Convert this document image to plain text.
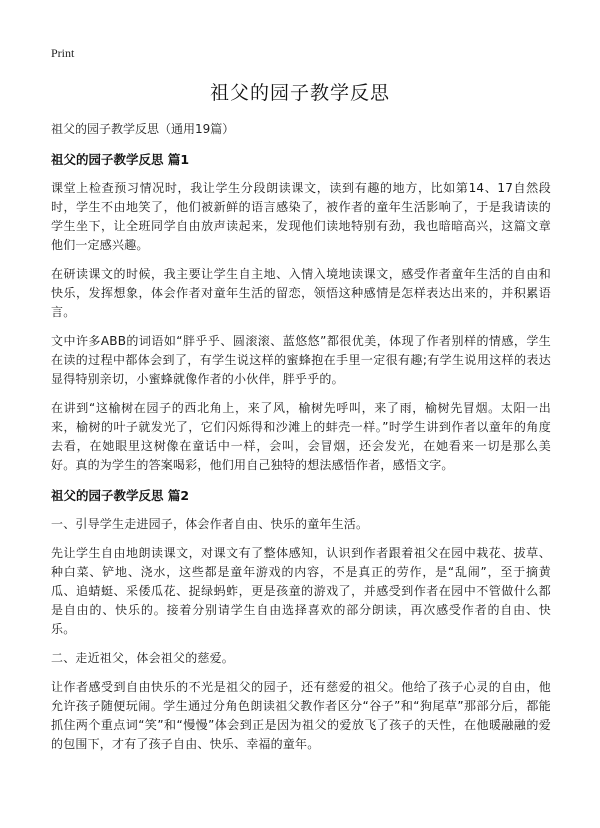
Print
祖父的园子教学反思

祖父的园子教学反思（通用19篇）

祖父的园子教学反思 篇1

课堂上检查预习情况时，我让学生分段朗读课文，读到有趣的地方，比如第14、17自然段时，学生不由地笑了，他们被新鲜的语言感染了，被作者的童年生活影响了，于是我请读的学生坐下，让全班同学自由放声读起来，发现他们读地特别有劲，我也暗暗高兴，这篇文章他们一定感兴趣。

在研读课文的时候，我主要让学生自主地、入情入境地读课文，感受作者童年生活的自由和快乐，发挥想象，体会作者对童年生活的留恋，领悟这种感情是怎样表达出来的，并积累语言。

文中许多ABB的词语如“胖乎乎、圆滚滚、蓝悠悠”都很优美，体现了作者别样的情感，学生在读的过程中都体会到了，有学生说这样的蜜蜂抱在手里一定很有趣;有学生说用这样的表达显得特别亲切，小蜜蜂就像作者的小伙伴，胖乎乎的。

在讲到“这榆树在园子的西北角上，来了风，榆树先呼叫，来了雨，榆树先冒烟。太阳一出来，榆树的叶子就发光了，它们闪烁得和沙滩上的蚌壳一样。”时学生讲到作者以童年的角度去看，在她眼里这树像在童话中一样，会叫，会冒烟，还会发光，在她看来一切是那么美好。真的为学生的答案喝彩，他们用自己独特的想法感悟作者，感悟文字。

祖父的园子教学反思 篇2

一、引导学生走进园子，体会作者自由、快乐的童年生活。

先让学生自由地朗读课文，对课文有了整体感知，认识到作者跟着祖父在园中栽花、拔草、种白菜、铲地、浇水，这些都是童年游戏的内容，不是真正的劳作，是“乱闹”，至于摘黄瓜、追蜻蜓、采倭瓜花、捉绿蚂蚱，更是孩童的游戏了，并感受到作者在园中不管做什么都是自由的、快乐的。接着分别请学生自由选择喜欢的部分朗读，再次感受作者的自由、快乐。

二、走近祖父，体会祖父的慈爱。

让作者感受到自由快乐的不光是祖父的园子，还有慈爱的祖父。他给了孩子心灵的自由，他允许孩子随便玩闹。学生通过分角色朗读祖父教作者区分“谷子”和“狗尾草”那部分后，都能抓住两个重点词“笑”和“慢慢”体会到正是因为祖父的爱放飞了孩子的天性，在他暖融融的爱的包围下，才有了孩子自由、快乐、幸福的童年。
